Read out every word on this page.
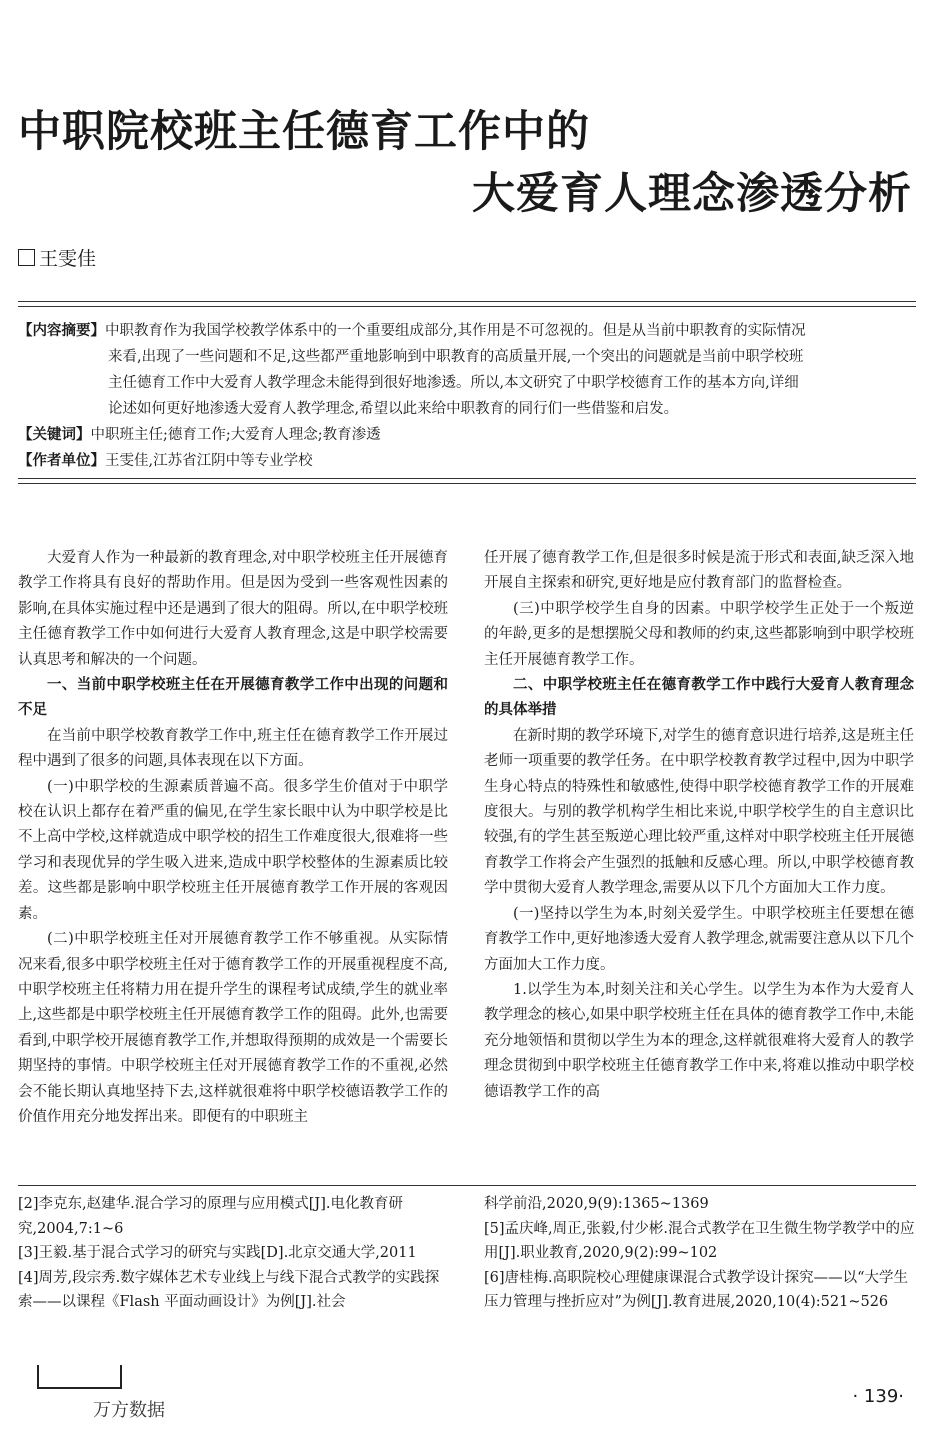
中职院校班主任德育工作中的
大爱育人理念渗透分析
王雯佳
【内容摘要】中职教育作为我国学校教学体系中的一个重要组成部分,其作用是不可忽视的。但是从当前中职教育的实际情况
来看,出现了一些问题和不足,这些都严重地影响到中职教育的高质量开展,一个突出的问题就是当前中职学校班
主任德育工作中大爱育人教学理念未能得到很好地渗透。所以,本文研究了中职学校德育工作的基本方向,详细
论述如何更好地渗透大爱育人教学理念,希望以此来给中职教育的同行们一些借鉴和启发。
【关键词】中职班主任;德育工作;大爱育人理念;教育渗透
【作者单位】王雯佳,江苏省江阴中等专业学校

大爱育人作为一种最新的教育理念,对中职学校班主任开展德育教学工作将具有良好的帮助作用。但是因为受到一些客观性因素的影响,在具体实施过程中还是遇到了很大的阻碍。所以,在中职学校班主任德育教学工作中如何进行大爱育人教育理念,这是中职学校需要认真思考和解决的一个问题。

一、当前中职学校班主任在开展德育教学工作中出现的问题和不足

在当前中职学校教育教学工作中,班主任在德育教学工作开展过程中遇到了很多的问题,具体表现在以下方面。

(一)中职学校的生源素质普遍不高。很多学生价值对于中职学校在认识上都存在着严重的偏见,在学生家长眼中认为中职学校是比不上高中学校,这样就造成中职学校的招生工作难度很大,很难将一些学习和表现优异的学生吸入进来,造成中职学校整体的生源素质比较差。这些都是影响中职学校班主任开展德育教学工作开展的客观因素。

(二)中职学校班主任对开展德育教学工作不够重视。从实际情况来看,很多中职学校班主任对于德育教学工作的开展重视程度不高,中职学校班主任将精力用在提升学生的课程考试成绩,学生的就业率上,这些都是中职学校班主任开展德育教学工作的阻碍。此外,也需要看到,中职学校开展德育教学工作,并想取得预期的成效是一个需要长期坚持的事情。中职学校班主任对开展德育教学工作的不重视,必然会不能长期认真地坚持下去,这样就很难将中职学校德语教学工作的价值作用充分地发挥出来。即便有的中职班主

任开展了德育教学工作,但是很多时候是流于形式和表面,缺乏深入地开展自主探索和研究,更好地是应付教育部门的监督检查。

(三)中职学校学生自身的因素。中职学校学生正处于一个叛逆的年龄,更多的是想摆脱父母和教师的约束,这些都影响到中职学校班主任开展德育教学工作。

二、中职学校班主任在德育教学工作中践行大爱育人教育理念的具体举措

在新时期的教学环境下,对学生的德育意识进行培养,这是班主任老师一项重要的教学任务。在中职学校教育教学过程中,因为中职学生身心特点的特殊性和敏感性,使得中职学校德育教学工作的开展难度很大。与别的教学机构学生相比来说,中职学校学生的自主意识比较强,有的学生甚至叛逆心理比较严重,这样对中职学校班主任开展德育教学工作将会产生强烈的抵触和反感心理。所以,中职学校德育教学中贯彻大爱育人教学理念,需要从以下几个方面加大工作力度。

(一)坚持以学生为本,时刻关爱学生。中职学校班主任要想在德育教学工作中,更好地渗透大爱育人教学理念,就需要注意从以下几个方面加大工作力度。

1.以学生为本,时刻关注和关心学生。以学生为本作为大爱育人教学理念的核心,如果中职学校班主任在具体的德育教学工作中,未能充分地领悟和贯彻以学生为本的理念,这样就很难将大爱育人的教学理念贯彻到中职学校班主任德育教学工作中来,将难以推动中职学校德语教学工作的高

[2]李克东,赵建华.混合学习的原理与应用模式[J].电化教育研究,2004,7:1~6

[3]王毅.基于混合式学习的研究与实践[D].北京交通大学,2011

[4]周芳,段宗秀.数字媒体艺术专业线上与线下混合式教学的实践探索——以课程《Flash 平面动画设计》为例[J].社会

科学前沿,2020,9(9):1365~1369

[5]孟庆峰,周正,张毅,付少彬.混合式教学在卫生微生物学教学中的应用[J].职业教育,2020,9(2):99~102

[6]唐桂梅.高职院校心理健康课混合式教学设计探究——以“大学生压力管理与挫折应对”为例[J].教育进展,2020,10(4):521~526

万方数据
· 139·
